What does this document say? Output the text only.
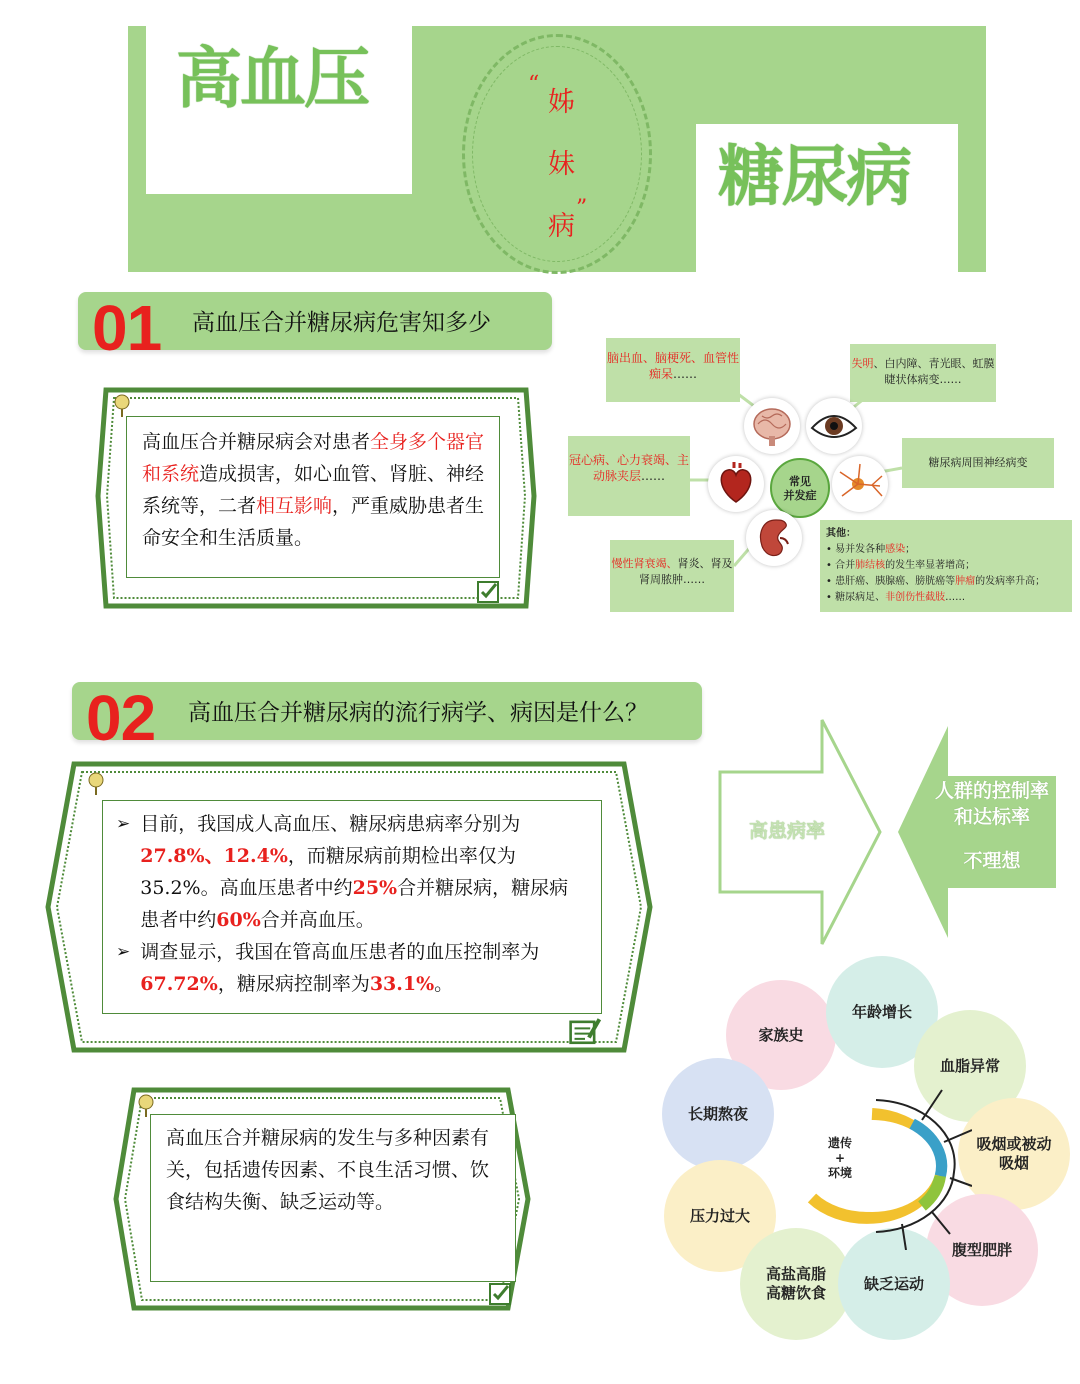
高血压
糖尿病
“
姊
妹
病
”
01 高血压合并糖尿病危害知多少
高血压合并糖尿病会对患者全身多个器官和系统造成损害，如心血管、肾脏、神经系统等，二者相互影响，严重威胁患者生命安全和生活质量。
脑出血、脑梗死、血管性痴呆……
失明、白内障、青光眼、虹膜睫状体病变……
糖尿病周围神经病变
冠心病、心力衰竭、主动脉夹层……
慢性肾衰竭、肾炎、肾及肾周脓肿……
其他：
• 易并发各种感染；
• 合并肺结核的发生率显著增高；
• 患肝癌、胰腺癌、膀胱癌等肿瘤的发病率升高；
• 糖尿病足、非创伤性截肢……
常见
并发症
02 高血压合并糖尿病的流行病学、病因是什么？
➢ 目前，我国成人高血压、糖尿病患病率分别为27.8%、12.4%，而糖尿病前期检出率仅为35.2%。高血压患者中约25%合并糖尿病，糖尿病患者中约60%合并高血压。
➢ 调查显示，我国在管高血压患者的血压控制率为67.72%，糖尿病控制率为33.1%。
高血压合并糖尿病的发生与多种因素有关，包括遗传因素、不良生活习惯、饮食结构失衡、缺乏运动等。
高患病率
人群的控制率
和达标率
不理想
家族史
年龄增长
血脂异常
长期熬夜
吸烟或被动吸烟
压力过大
腹型肥胖
高盐高脂高糖饮食
缺乏运动
遗传
+
环境
